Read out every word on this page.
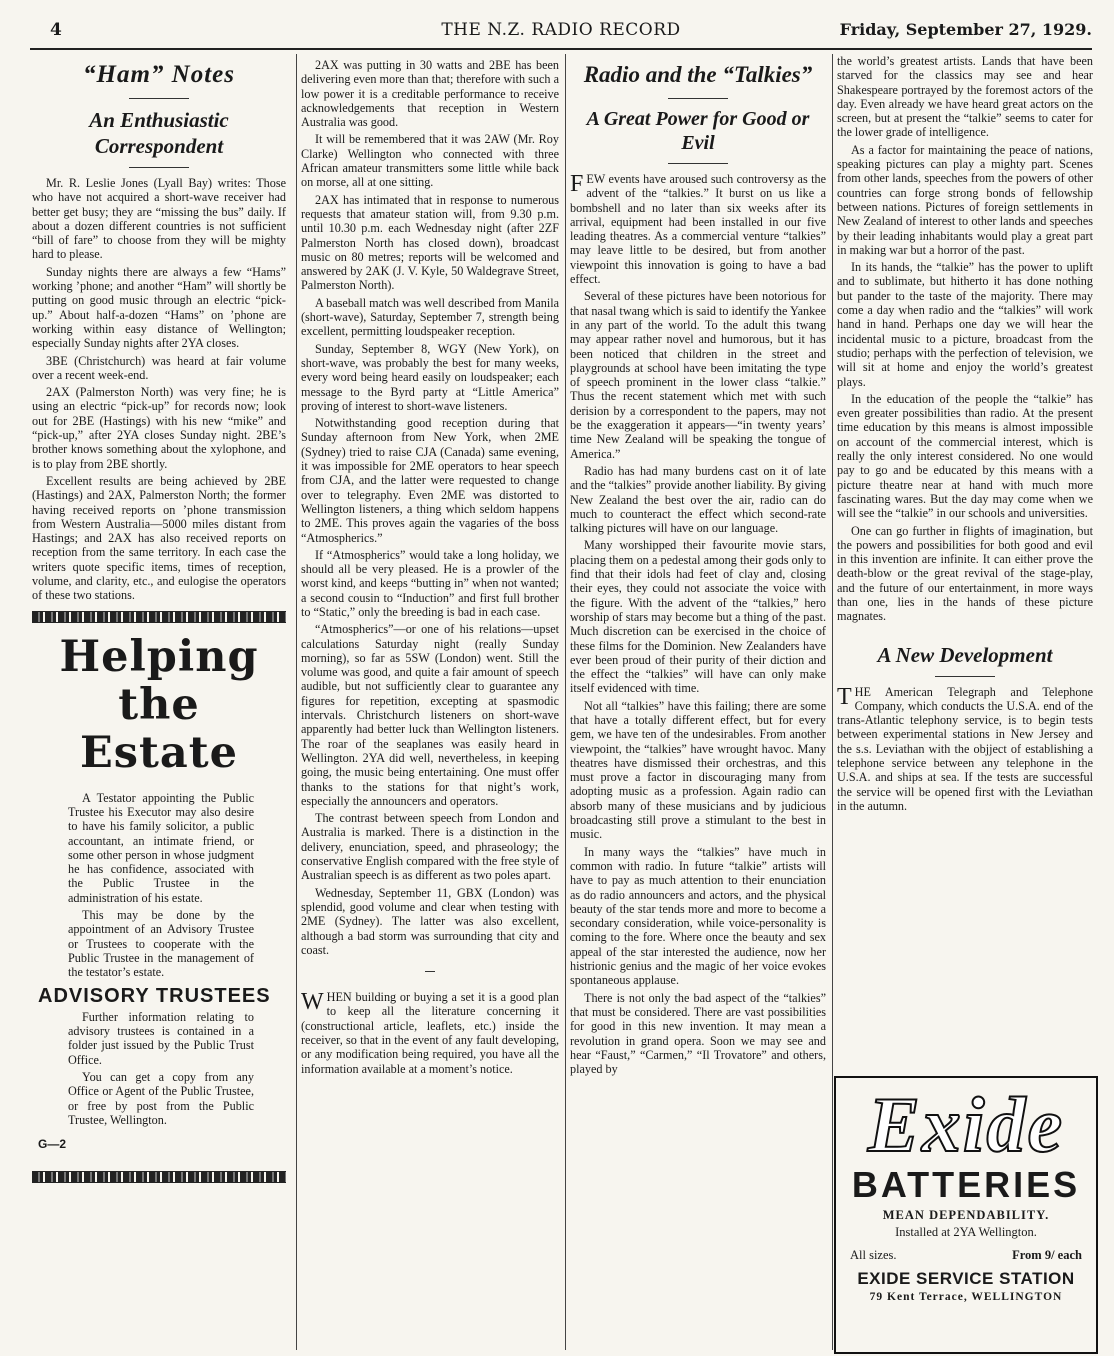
THE N.Z. RADIO RECORD
4	Friday, September 27, 1929.
“Ham” Notes
An Enthusiastic Correspondent

Mr. R. Leslie Jones (Lyall Bay) writes: Those who have not acquired a short-wave receiver had better get busy; they are “missing the bus” daily. If about a dozen different countries is not sufficient “bill of fare” to choose from they will be mighty hard to please.

Sunday nights there are always a few “Hams” working ’phone; and another “Ham” will shortly be putting on good music through an electric “pick-up.” About half-a-dozen “Hams” on ’phone are working within easy distance of Wellington; especially Sunday nights after 2YA closes.

3BE (Christchurch) was heard at fair volume over a recent week-end.

2AX (Palmerston North) was very fine; he is using an electric “pick-up” for records now; look out for 2BE (Hastings) with his new “mike” and “pick-up,” after 2YA closes Sunday night. 2BE’s brother knows something about the xylophone, and is to play from 2BE shortly.

Excellent results are being achieved by 2BE (Hastings) and 2AX, Palmerston North; the former having received reports on ’phone transmission from Western Australia—5000 miles distant from Hastings; and 2AX has also received reports on reception from the same territory. In each case the writers quote specific items, times of reception, volume, and clarity, etc., and eulogise the operators of these two stations.

Helping the
Estate

A Testator appointing the Public Trustee his Executor may also desire to have his family solicitor, a public accountant, an intimate friend, or some other person in whose judgment he has confidence, associated with the Public Trustee in the administration of his estate.

This may be done by the appointment of an Advisory Trustee or Trustees to cooperate with the Public Trustee in the management of the testator’s estate.

ADVISORY TRUSTEES

Further information relating to advisory trustees is contained in a folder just issued by the Public Trust Office.

You can get a copy from any Office or Agent of the Public Trustee, or free by post from the Public Trustee, Wellington.

G—2

2AX was putting in 30 watts and 2BE has been delivering even more than that; therefore with such a low power it is a creditable performance to receive acknowledgements that reception in Western Australia was good.

It will be remembered that it was 2AW (Mr. Roy Clarke) Wellington who connected with three African amateur transmitters some little while back on morse, all at one sitting.

2AX has intimated that in response to numerous requests that amateur station will, from 9.30 p.m. until 10.30 p.m. each Wednesday night (after 2ZF Palmerston North has closed down), broadcast music on 80 metres; reports will be welcomed and answered by 2AK (J. V. Kyle, 50 Waldegrave Street, Palmerston North).

A baseball match was well described from Manila (short-wave), Saturday, September 7, strength being excellent, permitting loudspeaker reception.

Sunday, September 8, WGY (New York), on short-wave, was probably the best for many weeks, every word being heard easily on loudspeaker; each message to the Byrd party at “Little America” proving of interest to short-wave listeners.

Notwithstanding good reception during that Sunday afternoon from New York, when 2ME (Sydney) tried to raise CJA (Canada) same evening, it was impossible for 2ME operators to hear speech from CJA, and the latter were requested to change over to telegraphy. Even 2ME was distorted to Wellington listeners, a thing which seldom happens to 2ME. This proves again the vagaries of the boss “Atmospherics.”

If “Atmospherics” would take a long holiday, we should all be very pleased. He is a prowler of the worst kind, and keeps “butting in” when not wanted; a second cousin to “Induction” and first full brother to “Static,” only the breeding is bad in each case.

“Atmospherics”—or one of his relations—upset calculations Saturday night (really Sunday morning), so far as 5SW (London) went. Still the volume was good, and quite a fair amount of speech audible, but not sufficiently clear to guarantee any figures for repetition, excepting at spasmodic intervals. Christchurch listeners on short-wave apparently had better luck than Wellington listeners. The roar of the seaplanes was easily heard in Wellington. 2YA did well, nevertheless, in keeping going, the music being entertaining. One must offer thanks to the stations for that night’s work, especially the announcers and operators.

The contrast between speech from London and Australia is marked. There is a distinction in the delivery, enunciation, speed, and phraseology; the conservative English compared with the free style of Australian speech is as different as two poles apart.

Wednesday, September 11, GBX (London) was splendid, good volume and clear when testing with 2ME (Sydney). The latter was also excellent, although a bad storm was surrounding that city and coast.

WHEN building or buying a set it is a good plan to keep all the literature concerning it (constructional article, leaflets, etc.) inside the receiver, so that in the event of any fault developing, or any modification being required, you have all the information available at a moment’s notice.

Radio and the “Talkies”
A Great Power for Good or Evil

FEW events have aroused such controversy as the advent of the “talkies.” It burst on us like a bombshell and no later than six weeks after its arrival, equipment had been installed in our five leading theatres. As a commercial venture “talkies” may leave little to be desired, but from another viewpoint this innovation is going to have a bad effect.

Several of these pictures have been notorious for that nasal twang which is said to identify the Yankee in any part of the world. To the adult this twang may appear rather novel and humorous, but it has been noticed that children in the street and playgrounds at school have been imitating the type of speech prominent in the lower class “talkie.” Thus the recent statement which met with such derision by a correspondent to the papers, may not be the exaggeration it appears—“in twenty years’ time New Zealand will be speaking the tongue of America.”

Radio has had many burdens cast on it of late and the “talkies” provide another liability. By giving New Zealand the best over the air, radio can do much to counteract the effect which second-rate talking pictures will have on our language.

Many worshipped their favourite movie stars, placing them on a pedestal among their gods only to find that their idols had feet of clay and, closing their eyes, they could not associate the voice with the figure. With the advent of the “talkies,” hero worship of stars may become but a thing of the past. Much discretion can be exercised in the choice of these films for the Dominion. New Zealanders have ever been proud of their purity of their diction and the effect the “talkies” will have can only make itself evidenced with time.

Not all “talkies” have this failing; there are some that have a totally different effect, but for every gem, we have ten of the undesirables. From another viewpoint, the “talkies” have wrought havoc. Many theatres have dismissed their orchestras, and this must prove a factor in discouraging many from adopting music as a profession. Again radio can absorb many of these musicians and by judicious broadcasting still prove a stimulant to the best in music.

In many ways the “talkies” have much in common with radio. In future “talkie” artists will have to pay as much attention to their enunciation as do radio announcers and actors, and the physical beauty of the star tends more and more to become a secondary consideration, while voice-personality is coming to the fore. Where once the beauty and sex appeal of the star interested the audience, now her histrionic genius and the magic of her voice evokes spontaneous applause.

There is not only the bad aspect of the “talkies” that must be considered. There are vast possibilities for good in this new invention. It may mean a revolution in grand opera. Soon we may see and hear “Faust,” “Carmen,” “Il Trovatore” and others, played by

the world’s greatest artists. Lands that have been starved for the classics may see and hear Shakespeare portrayed by the foremost actors of the day. Even already we have heard great actors on the screen, but at present the “talkie” seems to cater for the lower grade of intelligence.

As a factor for maintaining the peace of nations, speaking pictures can play a mighty part. Scenes from other lands, speeches from the powers of other countries can forge strong bonds of fellowship between nations. Pictures of foreign settlements in New Zealand of interest to other lands and speeches by their leading inhabitants would play a great part in making war but a horror of the past.

In its hands, the “talkie” has the power to uplift and to sublimate, but hitherto it has done nothing but pander to the taste of the majority. There may come a day when radio and the “talkies” will work hand in hand. Perhaps one day we will hear the incidental music to a picture, broadcast from the studio; perhaps with the perfection of television, we will sit at home and enjoy the world’s greatest plays.

In the education of the people the “talkie” has even greater possibilities than radio. At the present time education by this means is almost impossible on account of the commercial interest, which is really the only interest considered. No one would pay to go and be educated by this means with a picture theatre near at hand with much more fascinating wares. But the day may come when we will see the “talkie” in our schools and universities.

One can go further in flights of imagination, but the powers and possibilities for both good and evil in this invention are infinite. It can either prove the death-blow or the great revival of the stage-play, and the future of our entertainment, in more ways than one, lies in the hands of these picture magnates.

A New Development

THE American Telegraph and Telephone Company, which conducts the U.S.A. end of the trans-Atlantic telephony service, is to begin tests between experimental stations in New Jersey and the s.s. Leviathan with the objject of establishing a telephone service between any telephone in the U.S.A. and ships at sea. If the tests are successful the service will be opened first with the Leviathan in the autumn.

Exide
BATTERIES
MEAN DEPENDABILITY.
Installed at 2YA Wellington.
All sizes.	From 9/ each
EXIDE SERVICE STATION
79 Kent Terrace, WELLINGTON
